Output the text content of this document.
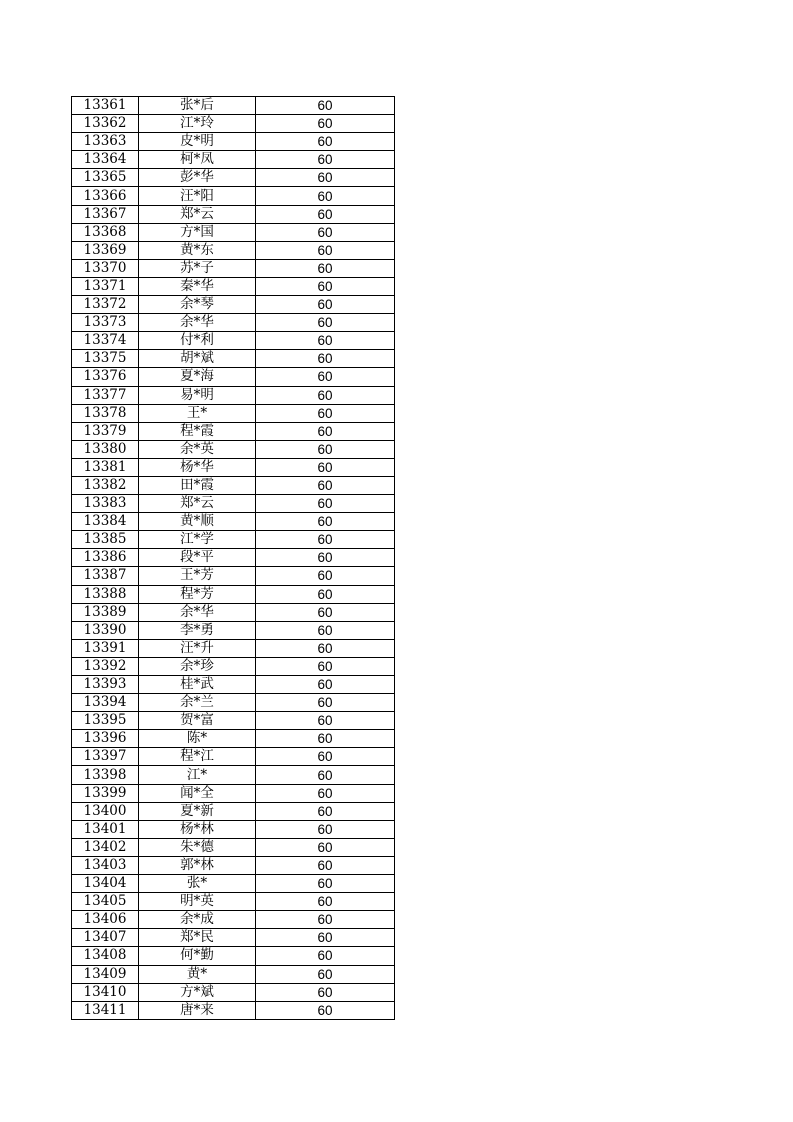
13361	张*后	60
13362	江*玲	60
13363	皮*明	60
13364	柯*凤	60
13365	彭*华	60
13366	汪*阳	60
13367	郑*云	60
13368	方*国	60
13369	黄*东	60
13370	苏*子	60
13371	秦*华	60
13372	余*琴	60
13373	余*华	60
13374	付*利	60
13375	胡*斌	60
13376	夏*海	60
13377	易*明	60
13378	王*	60
13379	程*霞	60
13380	余*英	60
13381	杨*华	60
13382	田*霞	60
13383	郑*云	60
13384	黄*顺	60
13385	江*学	60
13386	段*平	60
13387	王*芳	60
13388	程*芳	60
13389	余*华	60
13390	李*勇	60
13391	汪*升	60
13392	余*珍	60
13393	桂*武	60
13394	余*兰	60
13395	贺*富	60
13396	陈*	60
13397	程*江	60
13398	江*	60
13399	闻*全	60
13400	夏*新	60
13401	杨*林	60
13402	朱*德	60
13403	郭*林	60
13404	张*	60
13405	明*英	60
13406	余*成	60
13407	郑*民	60
13408	何*勤	60
13409	黄*	60
13410	方*斌	60
13411	唐*来	60
